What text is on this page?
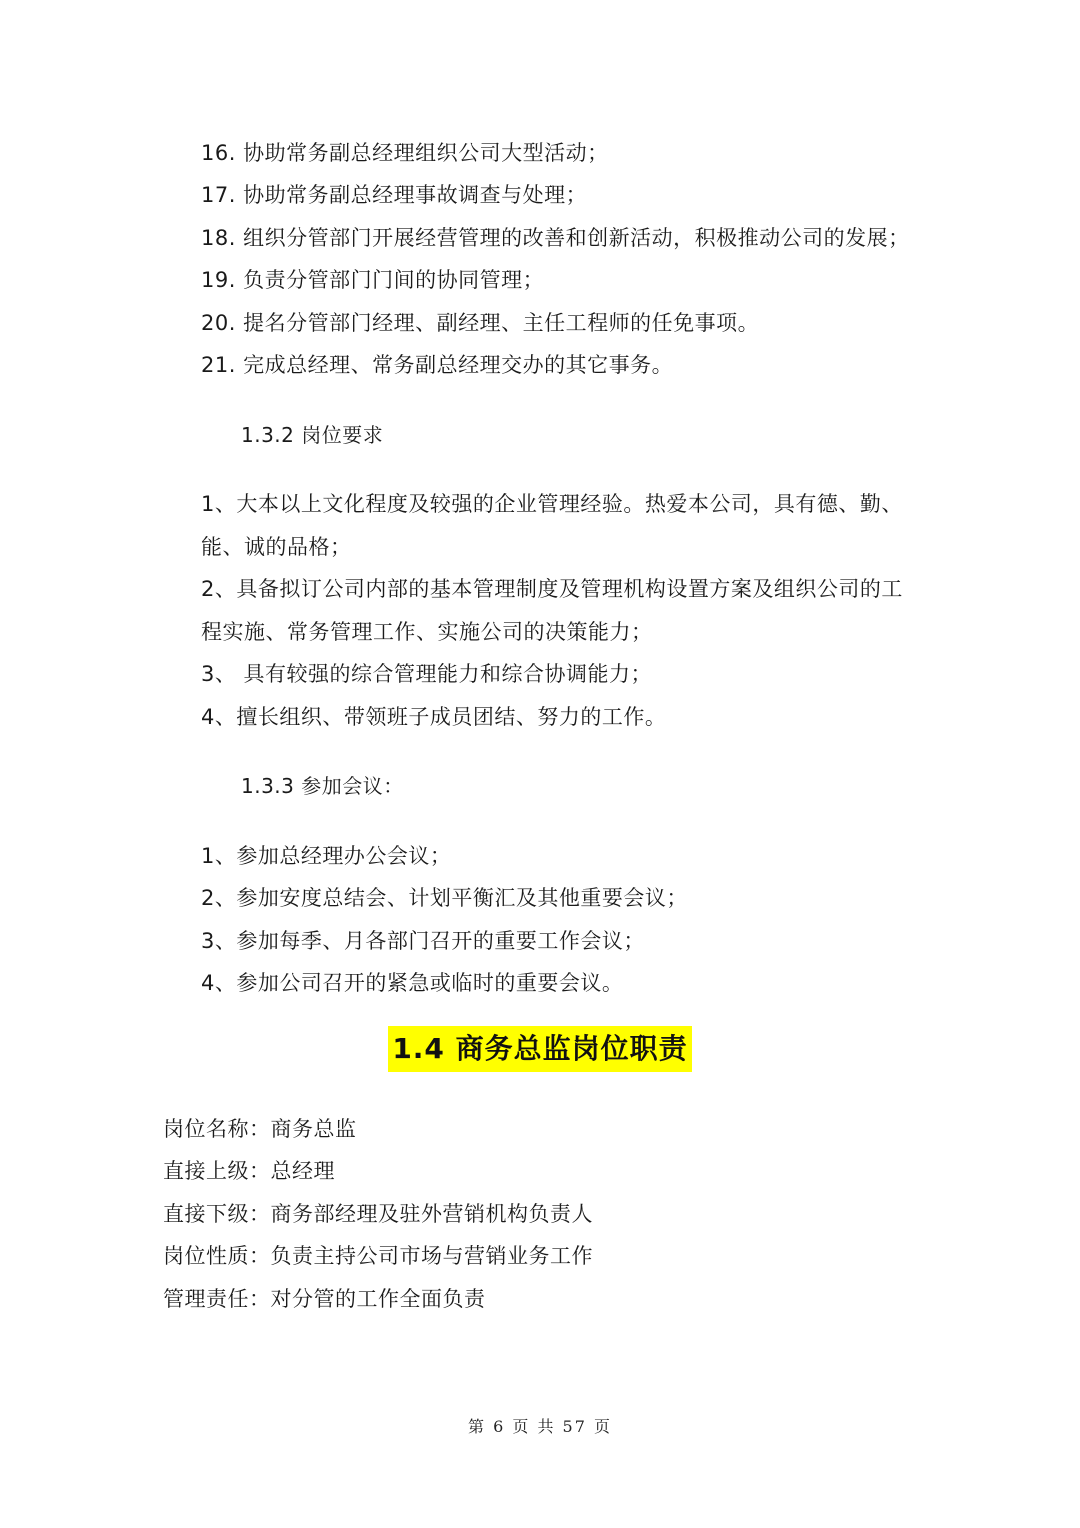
16. 协助常务副总经理组织公司大型活动；

17. 协助常务副总经理事故调查与处理；

18. 组织分管部门开展经营管理的改善和创新活动，积极推动公司的发展；

19. 负责分管部门门间的协同管理；

20. 提名分管部门经理、副经理、主任工程师的任免事项。

21. 完成总经理、常务副总经理交办的其它事务。

1.3.2 岗位要求

1、大本以上文化程度及较强的企业管理经验。热爱本公司，具有德、勤、

能、诚的品格；

2、具备拟订公司内部的基本管理制度及管理机构设置方案及组织公司的工

程实施、常务管理工作、实施公司的决策能力；

3、 具有较强的综合管理能力和综合协调能力；

4、擅长组织、带领班子成员团结、努力的工作。

1.3.3 参加会议：

1、参加总经理办公会议；

2、参加安度总结会、计划平衡汇及其他重要会议；

3、参加每季、月各部门召开的重要工作会议；

4、参加公司召开的紧急或临时的重要会议。

1.4 商务总监岗位职责

岗位名称：商务总监

直接上级：总经理

直接下级：商务部经理及驻外营销机构负责人

岗位性质：负责主持公司市场与营销业务工作

管理责任：对分管的工作全面负责

第 6 页 共 57 页
